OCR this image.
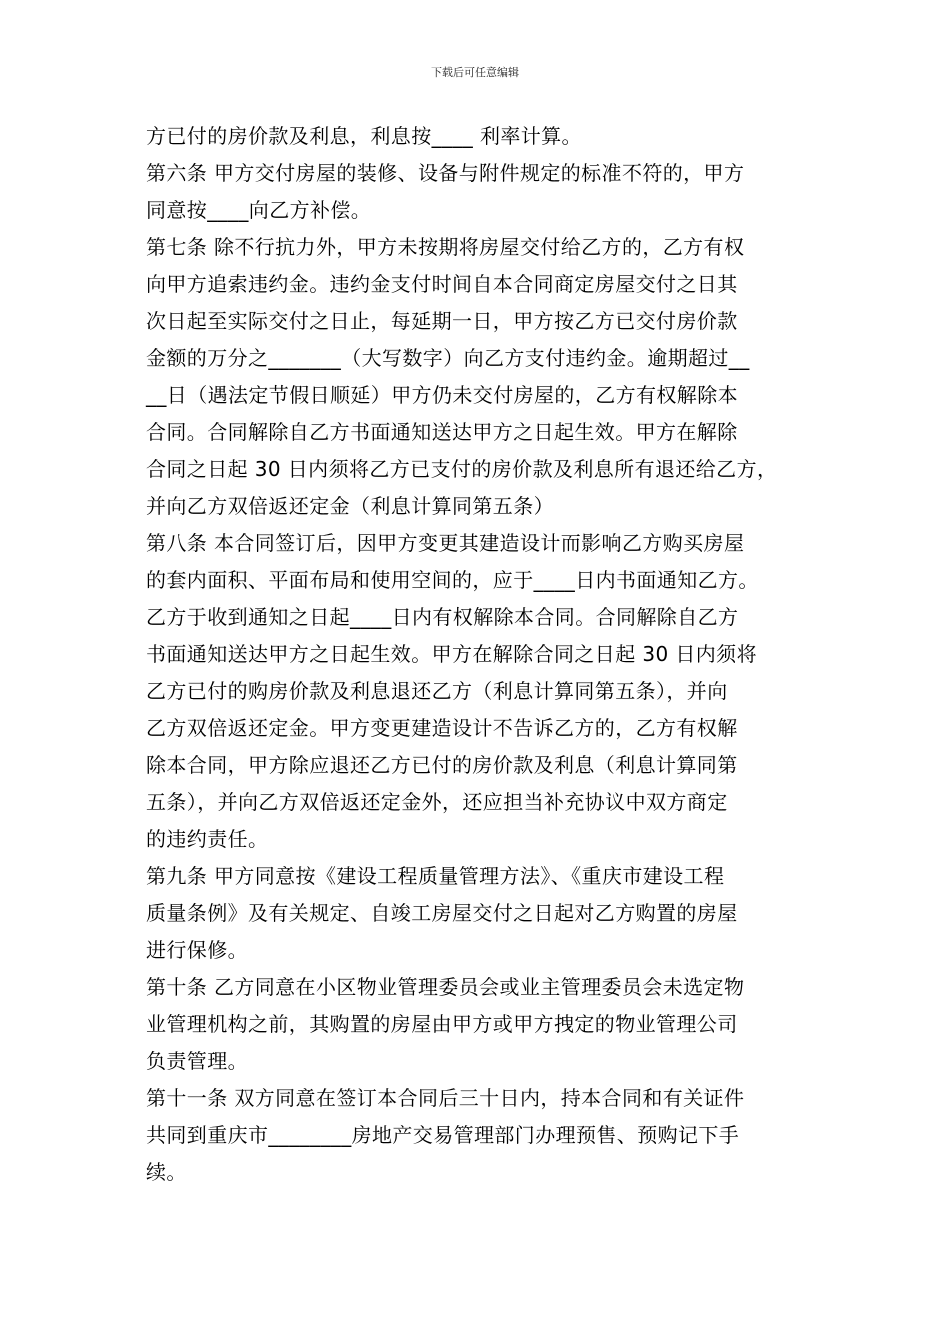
下载后可任意编辑
方已付的房价款及利息，利息按____ 利率计算。
第六条 甲方交付房屋的装修、设备与附件规定的标准不符的，甲方
同意按____向乙方补偿。
第七条 除不行抗力外，甲方未按期将房屋交付给乙方的，乙方有权
向甲方追索违约金。违约金支付时间自本合同商定房屋交付之日其
次日起至实际交付之日止，每延期一日，甲方按乙方已交付房价款
金额的万分之_______（大写数字）向乙方支付违约金。逾期超过__
__日（遇法定节假日顺延）甲方仍未交付房屋的，乙方有权解除本
合同。合同解除自乙方书面通知送达甲方之日起生效。甲方在解除
合同之日起 30 日内须将乙方已支付的房价款及利息所有退还给乙方，
并向乙方双倍返还定金（利息计算同第五条）
第八条 本合同签订后，因甲方变更其建造设计而影响乙方购买房屋
的套内面积、平面布局和使用空间的，应于____日内书面通知乙方。
乙方于收到通知之日起____日内有权解除本合同。合同解除自乙方
书面通知送达甲方之日起生效。甲方在解除合同之日起 30 日内须将
乙方已付的购房价款及利息退还乙方（利息计算同第五条），并向
乙方双倍返还定金。甲方变更建造设计不告诉乙方的，乙方有权解
除本合同，甲方除应退还乙方已付的房价款及利息（利息计算同第
五条），并向乙方双倍返还定金外，还应担当补充协议中双方商定
的违约责任。
第九条 甲方同意按《建设工程质量管理方法》、《重庆市建设工程
质量条例》及有关规定、自竣工房屋交付之日起对乙方购置的房屋
进行保修。
第十条 乙方同意在小区物业管理委员会或业主管理委员会未选定物
业管理机构之前，其购置的房屋由甲方或甲方拽定的物业管理公司
负责管理。
第十一条 双方同意在签订本合同后三十日内，持本合同和有关证件
共同到重庆市________房地产交易管理部门办理预售、预购记下手
续。
